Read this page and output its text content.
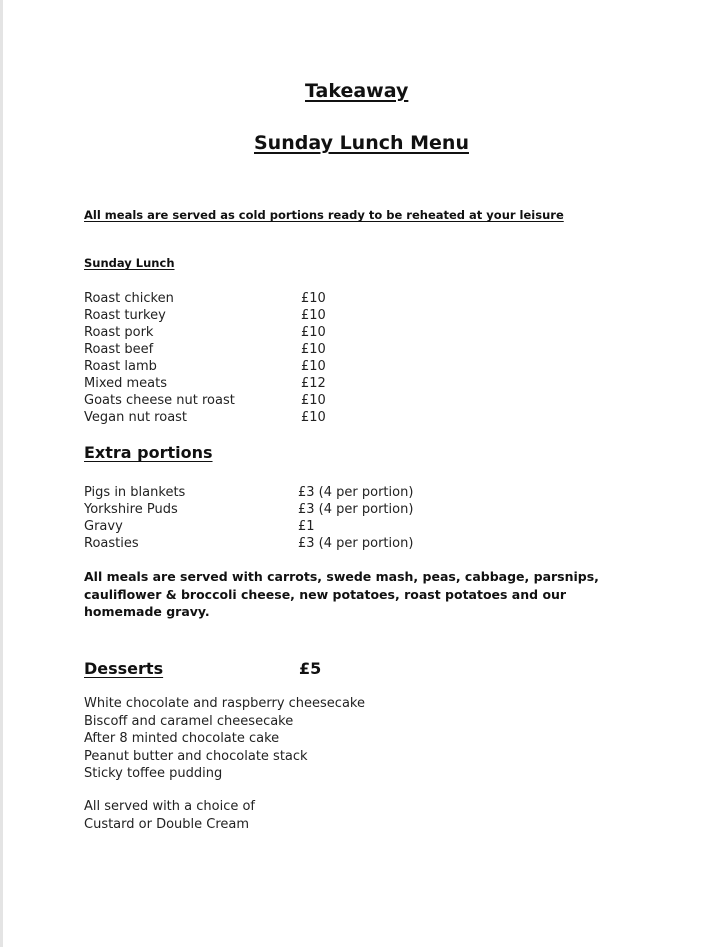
Takeaway
Sunday Lunch Menu
All meals are served as cold portions ready to be reheated at your leisure
Sunday Lunch
Roast chicken	£10
Roast turkey	£10
Roast pork	£10
Roast beef	£10
Roast lamb	£10
Mixed meats	£12
Goats cheese nut roast	£10
Vegan nut roast	£10
Extra portions
Pigs in blankets	£3 (4 per portion)
Yorkshire Puds	£3 (4 per portion)
Gravy	£1
Roasties	£3 (4 per portion)
All meals are served with carrots, swede mash, peas, cabbage, parsnips, cauliflower & broccoli cheese, new potatoes, roast potatoes and our homemade gravy.
Desserts	£5
White chocolate and raspberry cheesecake
Biscoff and caramel cheesecake
After 8 minted chocolate cake
Peanut butter and chocolate stack
Sticky toffee pudding
All served with a choice of
Custard or Double Cream
